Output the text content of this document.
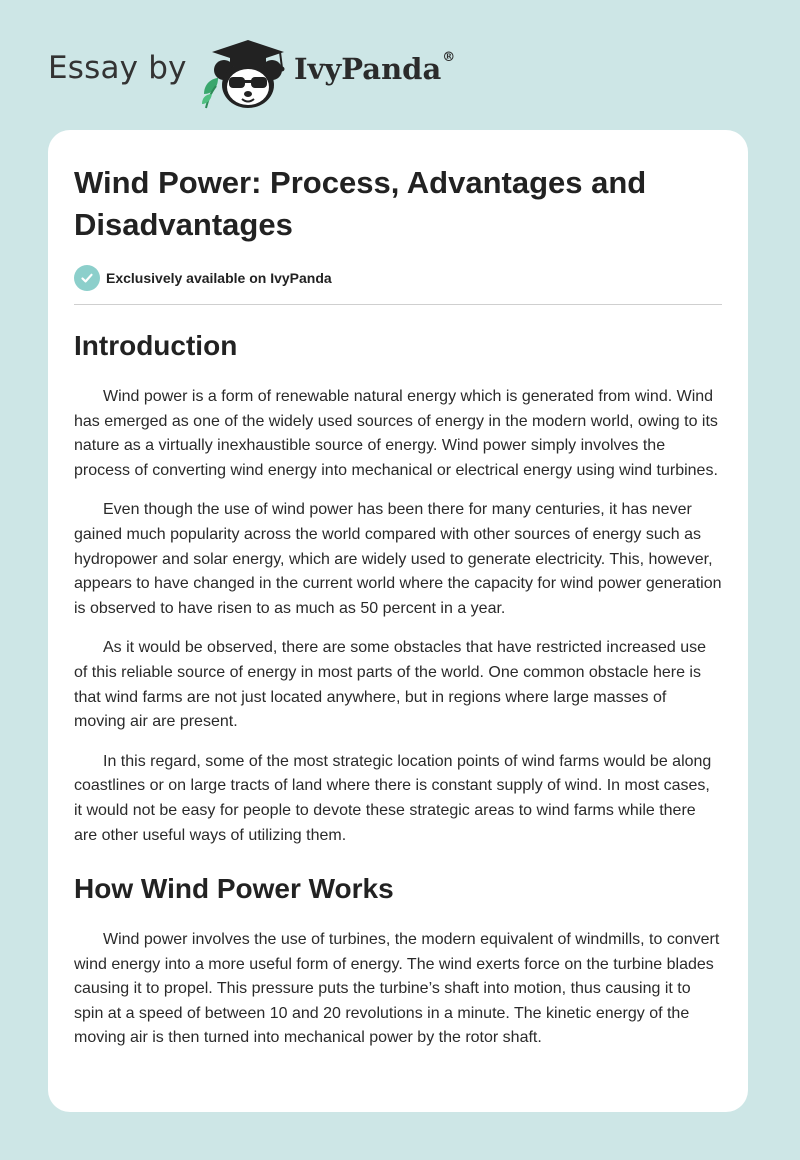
Essay by	IvyPanda®
Wind Power: Process, Advantages and Disadvantages
Exclusively available on IvyPanda
Introduction

Wind power is a form of renewable natural energy which is generated from wind. Wind has emerged as one of the widely used sources of energy in the modern world, owing to its nature as a virtually inexhaustible source of energy. Wind power simply involves the process of converting wind energy into mechanical or electrical energy using wind turbines.

Even though the use of wind power has been there for many centuries, it has never gained much popularity across the world compared with other sources of energy such as hydropower and solar energy, which are widely used to generate electricity. This, however, appears to have changed in the current world where the capacity for wind power generation is observed to have risen to as much as 50 percent in a year.

As it would be observed, there are some obstacles that have restricted increased use of this reliable source of energy in most parts of the world. One common obstacle here is that wind farms are not just located anywhere, but in regions where large masses of moving air are present.

In this regard, some of the most strategic location points of wind farms would be along coastlines or on large tracts of land where there is constant supply of wind. In most cases, it would not be easy for people to devote these strategic areas to wind farms while there are other useful ways of utilizing them.

How Wind Power Works

Wind power involves the use of turbines, the modern equivalent of windmills, to convert wind energy into a more useful form of energy. The wind exerts force on the turbine blades causing it to propel. This pressure puts the turbine’s shaft into motion, thus causing it to spin at a speed of between 10 and 20 revolutions in a minute. The kinetic energy of the moving air is then turned into mechanical power by the rotor shaft.
